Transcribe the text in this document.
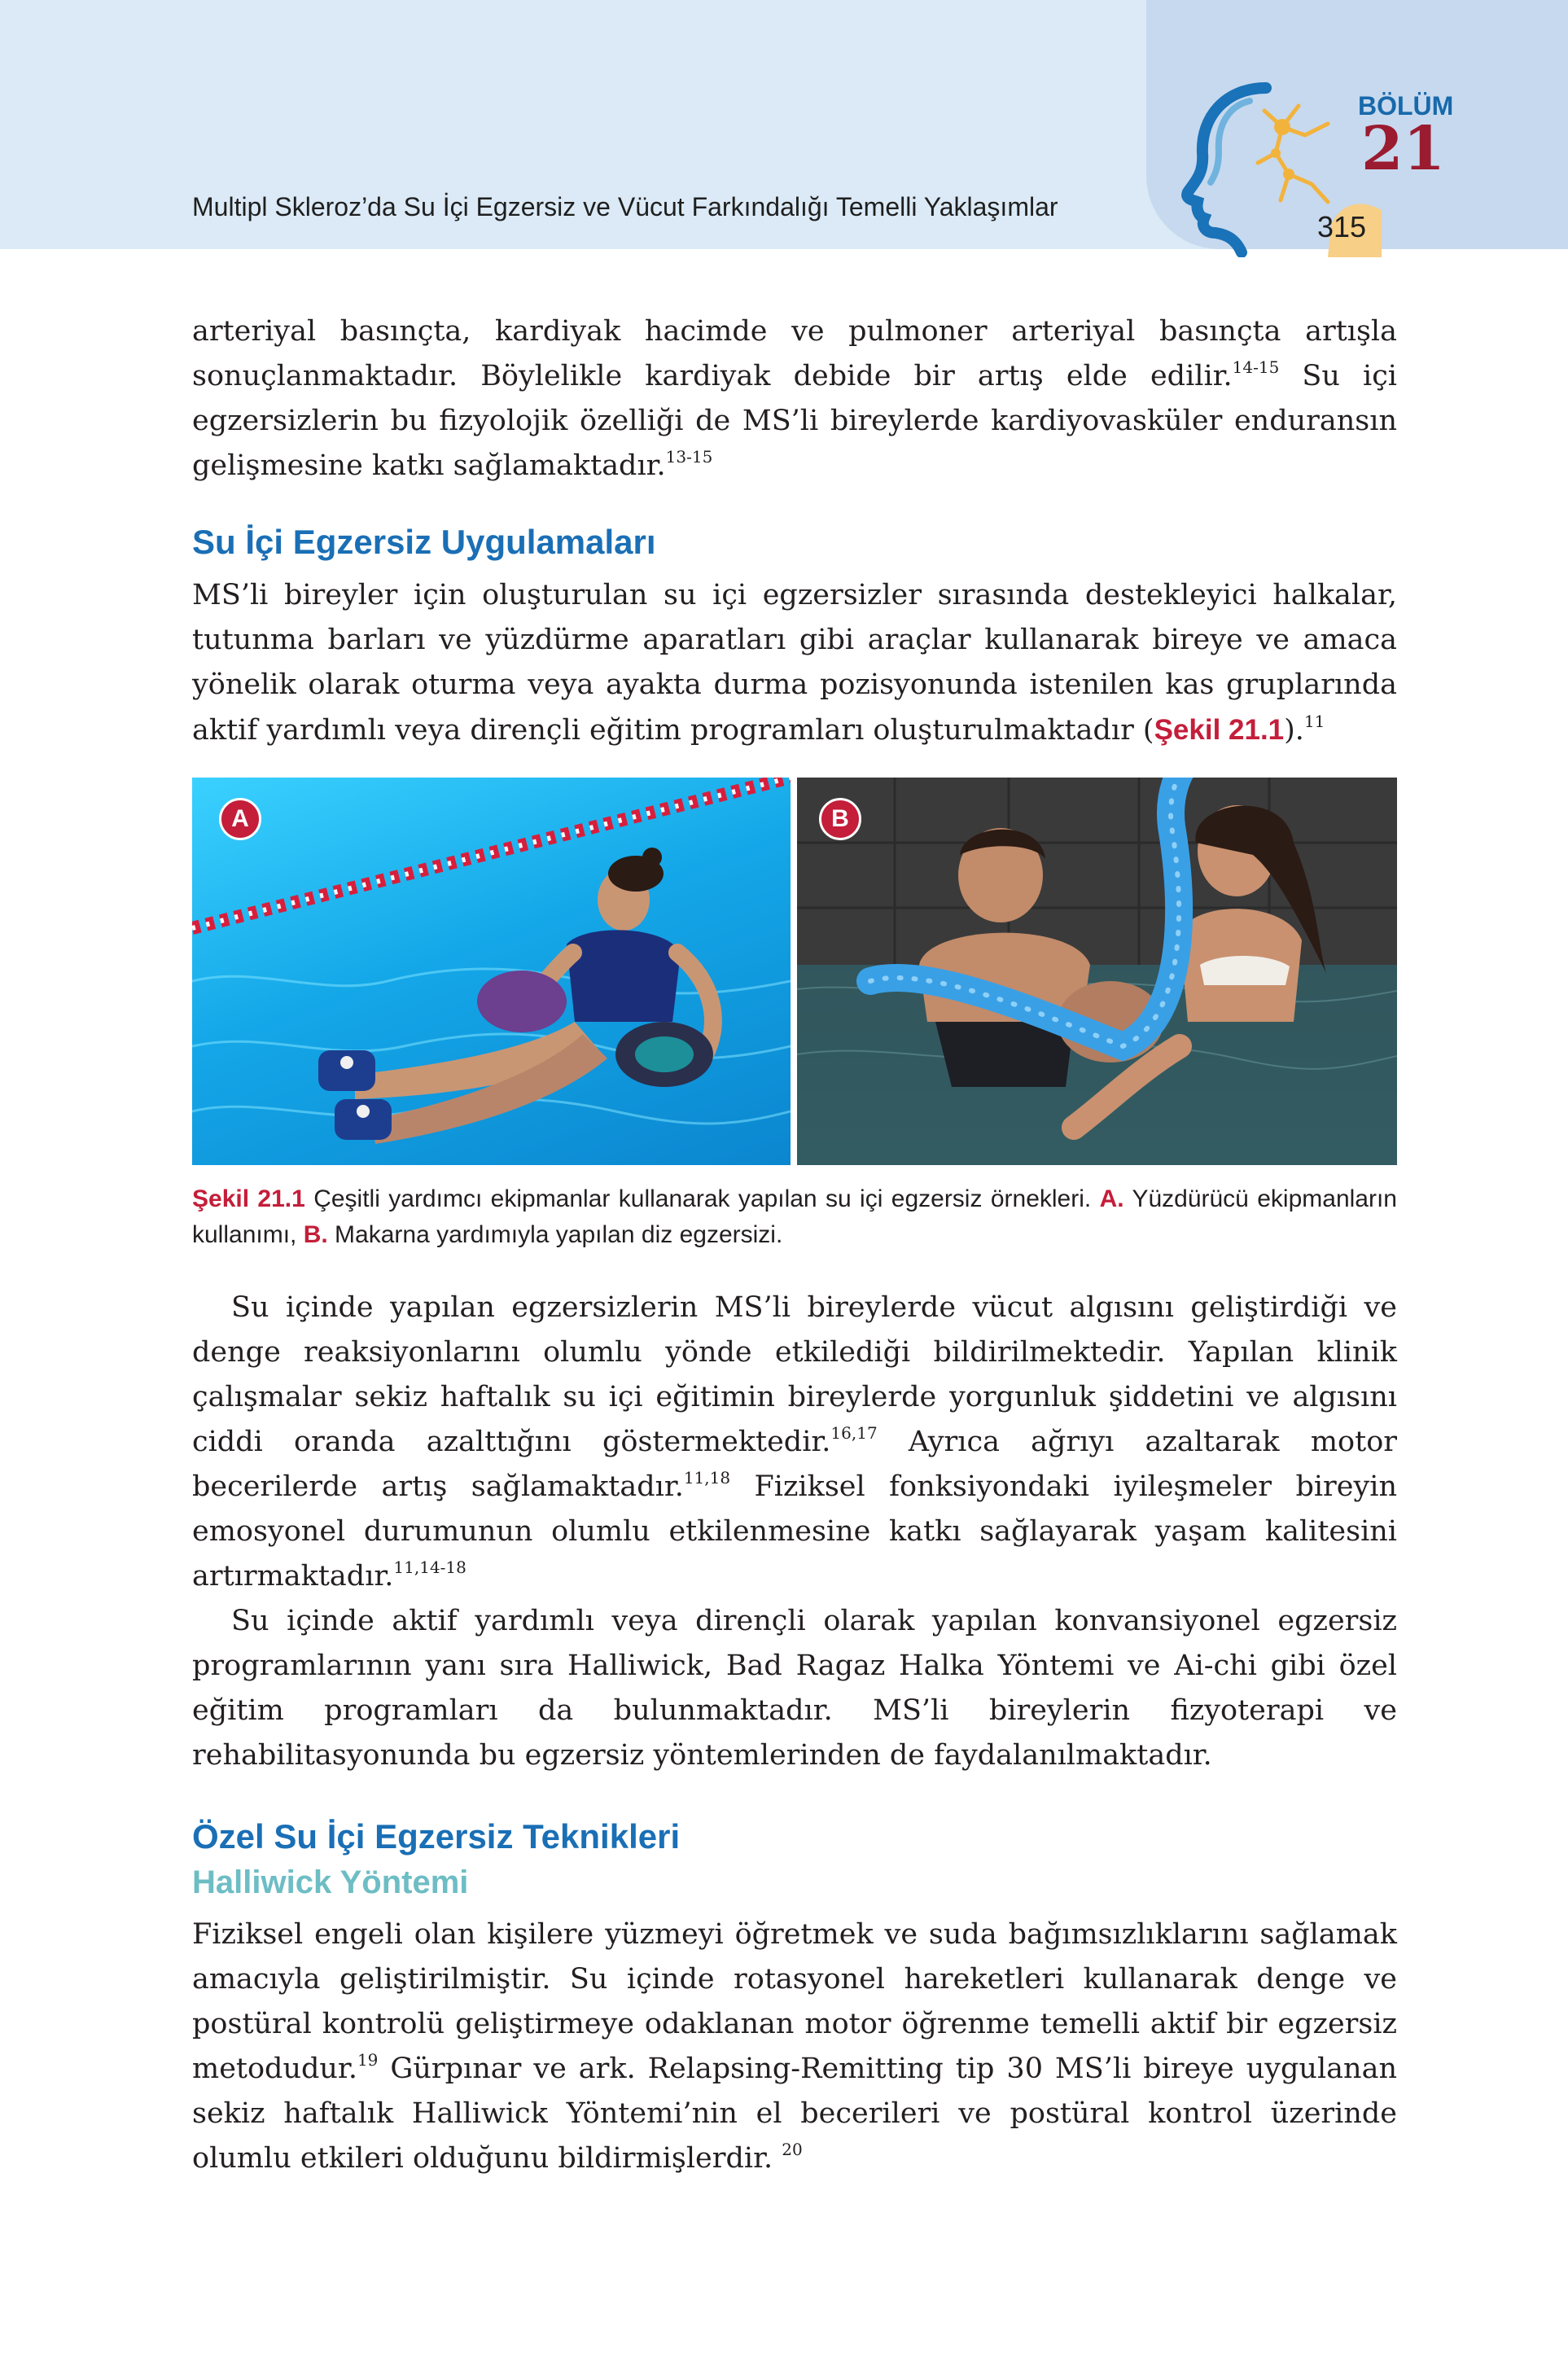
Multipl Skleroz’da Su İçi Egzersiz ve Vücut Farkındalığı Temelli Yaklaşımlar
BÖLÜM
21
315

arteriyal basınçta, kardiyak hacimde ve pulmoner arteriyal basınçta artışla sonuçlanmaktadır. Böylelikle kardiyak debide bir artış elde edilir.$^{14-15}$ Su içi egzersizlerin bu fizyolojik özelliği de MS’li bireylerde kardiyovasküler enduransın gelişmesine katkı sağlamaktadır.$^{13-15}$

Su İçi Egzersiz Uygulamaları

MS’li bireyler için oluşturulan su içi egzersizler sırasında destekleyici halkalar, tutunma barları ve yüzdürme aparatları gibi araçlar kullanarak bireye ve amaca yönelik olarak oturma veya ayakta durma pozisyonunda istenilen kas gruplarında aktif yardımlı veya dirençli eğitim programları oluşturulmaktadır (Şekil 21.1).$^{11}$

A	B
Şekil 21.1 Çeşitli yardımcı ekipmanlar kullanarak yapılan su içi egzersiz örnekleri. A. Yüzdürücü ekipmanların kullanımı, B. Makarna yardımıyla yapılan diz egzersizi.

Su içinde yapılan egzersizlerin MS’li bireylerde vücut algısını geliştirdiği ve denge reaksiyonlarını olumlu yönde etkilediği bildirilmektedir. Yapılan klinik çalışmalar sekiz haftalık su içi eğitimin bireylerde yorgunluk şiddetini ve algısını ciddi oranda azalttığını göstermektedir.$^{16,17}$ Ayrıca ağrıyı azaltarak motor becerilerde artış sağlamaktadır.$^{11,18}$ Fiziksel fonksiyondaki iyileşmeler bireyin emosyonel durumunun olumlu etkilenmesine katkı sağlayarak yaşam kalitesini artırmaktadır.$^{11,14-18}$

Su içinde aktif yardımlı veya dirençli olarak yapılan konvansiyonel egzersiz programlarının yanı sıra Halliwick, Bad Ragaz Halka Yöntemi ve Ai-chi gibi özel eğitim programları da bulunmaktadır. MS’li bireylerin fizyoterapi ve rehabilitasyonunda bu egzersiz yöntemlerinden de faydalanılmaktadır.

Özel Su İçi Egzersiz Teknikleri
Halliwick Yöntemi

Fiziksel engeli olan kişilere yüzmeyi öğretmek ve suda bağımsızlıklarını sağlamak amacıyla geliştirilmiştir. Su içinde rotasyonel hareketleri kullanarak denge ve postüral kontrolü geliştirmeye odaklanan motor öğrenme temelli aktif bir egzersiz metodudur.$^{19}$ Gürpınar ve ark. Relapsing-Remitting tip 30 MS’li bireye uygulanan sekiz haftalık Halliwick Yöntemi’nin el becerileri ve postüral kontrol üzerinde olumlu etkileri olduğunu bildirmişlerdir. $^{20}$
